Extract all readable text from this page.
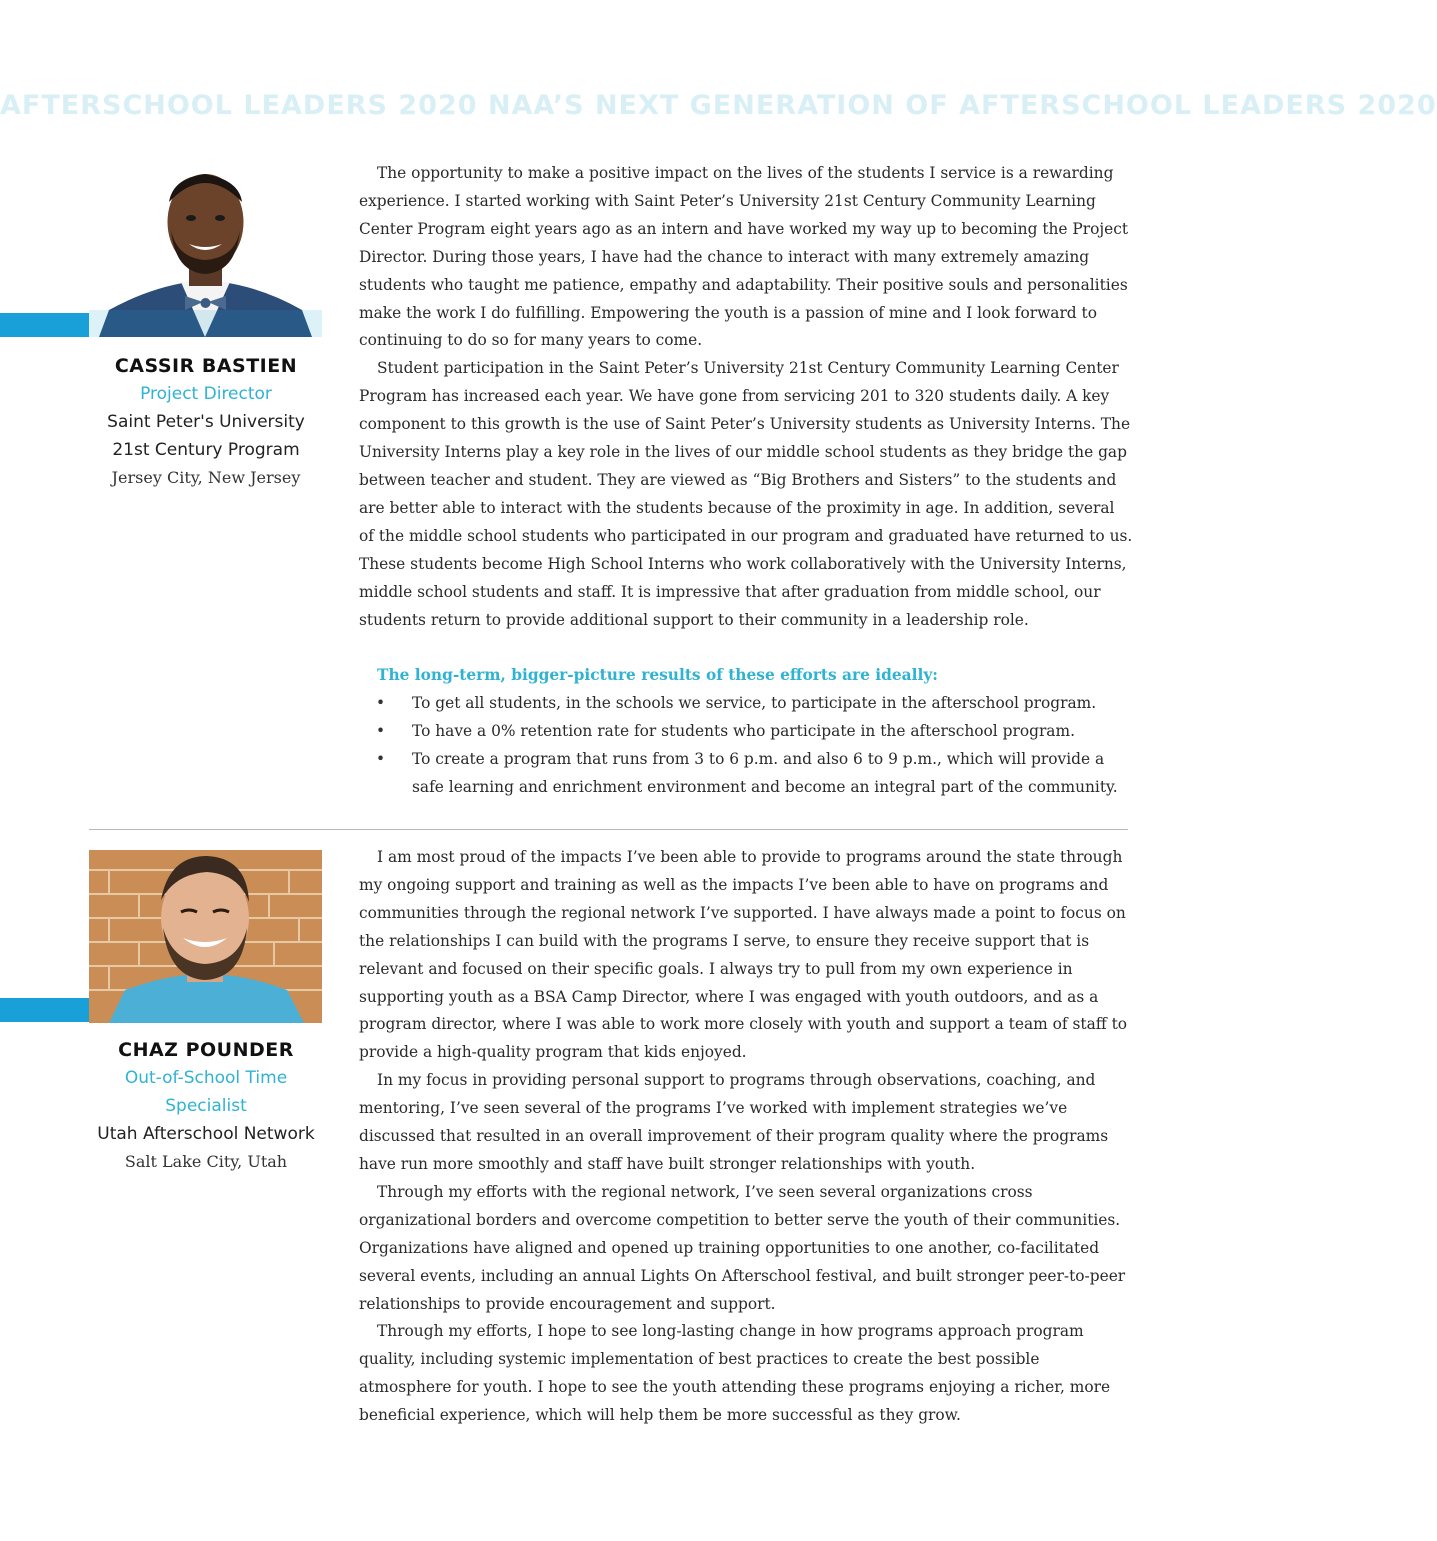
AFTERSCHOOL LEADERS 2020 NAA’S NEXT GENERATION OF AFTERSCHOOL LEADERS 2020
CASSIR BASTIEN
Project Director
Saint Peter's University
21st Century Program
Jersey City, New Jersey

The opportunity to make a positive impact on the lives of the students I service is a rewarding experience. I started working with Saint Peter’s University 21st Century Community Learning Center Program eight years ago as an intern and have worked my way up to becoming the Project Director. During those years, I have had the chance to interact with many extremely amazing students who taught me patience, empathy and adaptability. Their positive souls and personalities make the work I do fulfilling. Empowering the youth is a passion of mine and I look forward to continuing to do so for many years to come.

Student participation in the Saint Peter’s University 21st Century Community Learning Center Program has increased each year. We have gone from servicing 201 to 320 students daily. A key component to this growth is the use of Saint Peter’s University students as University Interns. The University Interns play a key role in the lives of our middle school students as they bridge the gap between teacher and student. They are viewed as “Big Brothers and Sisters” to the students and are better able to interact with the students because of the proximity in age. In addition, several of the middle school students who participated in our program and graduated have returned to us. These students become High School Interns who work collaboratively with the University Interns, middle school students and staff. It is impressive that after graduation from middle school, our students return to provide additional support to their community in a leadership role.

The long-term, bigger-picture results of these efforts are ideally:
• To get all students, in the schools we service, to participate in the afterschool program.
• To have a 0% retention rate for students who participate in the afterschool program.
• To create a program that runs from 3 to 6 p.m. and also 6 to 9 p.m., which will provide a safe learning and enrichment environment and become an integral part of the community.
CHAZ POUNDER
Out-of-School Time
Specialist
Utah Afterschool Network
Salt Lake City, Utah

I am most proud of the impacts I’ve been able to provide to programs around the state through my ongoing support and training as well as the impacts I’ve been able to have on programs and communities through the regional network I’ve supported. I have always made a point to focus on the relationships I can build with the programs I serve, to ensure they receive support that is relevant and focused on their specific goals. I always try to pull from my own experience in supporting youth as a BSA Camp Director, where I was engaged with youth outdoors, and as a program director, where I was able to work more closely with youth and support a team of staff to provide a high-quality program that kids enjoyed.

In my focus in providing personal support to programs through observations, coaching, and mentoring, I’ve seen several of the programs I’ve worked with implement strategies we’ve discussed that resulted in an overall improvement of their program quality where the programs have run more smoothly and staff have built stronger relationships with youth.

Through my efforts with the regional network, I’ve seen several organizations cross organizational borders and overcome competition to better serve the youth of their communities. Organizations have aligned and opened up training opportunities to one another, co-facilitated several events, including an annual Lights On Afterschool festival, and built stronger peer-to-peer relationships to provide encouragement and support.

Through my efforts, I hope to see long-lasting change in how programs approach program quality, including systemic implementation of best practices to create the best possible atmosphere for youth. I hope to see the youth attending these programs enjoying a richer, more beneficial experience, which will help them be more successful as they grow.
